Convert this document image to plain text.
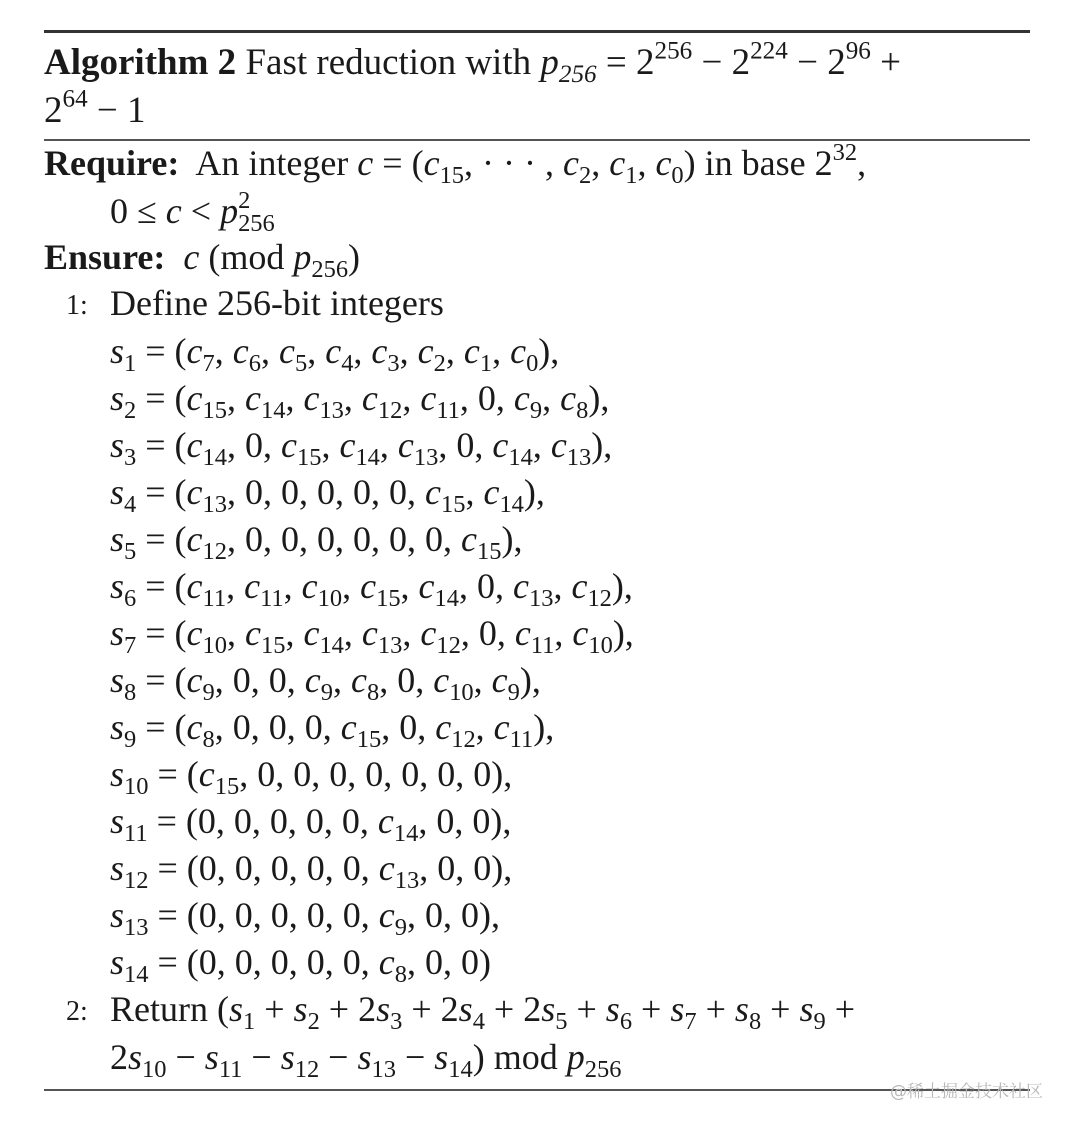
Algorithm 2 Fast reduction with $p_{256} = 2^{256} - 2^{224} - 2^{96}$ +
$2^{64} - 1$
Require: An integer $c = (c_{15}$, · · · , $c_2$, $c_1$, $c_0$) in base $2^{32}$,
$0 \le c < p^2_{256}$
Ensure: c (mod $p_{256}$)
1: Define 256-bit integers
$s_1 = (c_7$, $c_6$, $c_5$, $c_4$, $c_3$, $c_2$, $c_1$, $c_0$),
$s_2 = (c_{15}$, $c_{14}$, $c_{13}$, $c_{12}$, $c_{11}$, 0, $c_9$, $c_8$),
$s_3 = (c_{14}$, 0, $c_{15}$, $c_{14}$, $c_{13}$, 0, $c_{14}$, $c_{13}$),
$s_4 = (c_{13}$, 0, 0, 0, 0, 0, $c_{15}$, $c_{14}$),
$s_5 = (c_{12}$, 0, 0, 0, 0, 0, 0, $c_{15}$),
$s_6 = (c_{11}$, $c_{11}$, $c_{10}$, $c_{15}$, $c_{14}$, 0, $c_{13}$, $c_{12}$),
$s_7 = (c_{10}$, $c_{15}$, $c_{14}$, $c_{13}$, $c_{12}$, 0, $c_{11}$, $c_{10}$),
$s_8 = (c_9$, 0, 0, $c_9$, $c_8$, 0, $c_{10}$, $c_9$),
$s_9 = (c_8$, 0, 0, 0, $c_{15}$, 0, $c_{12}$, $c_{11}$),
$s_{10} = (c_{15}$, 0, 0, 0, 0, 0, 0, 0),
$s_{11} = (0$, 0, 0, 0, 0, $c_{14}$, 0, 0),
$s_{12} = (0$, 0, 0, 0, 0, $c_{13}$, 0, 0),
$s_{13} = (0$, 0, 0, 0, 0, $c_9$, 0, 0),
$s_{14} = (0$, 0, 0, 0, 0, $c_8$, 0, 0)
2: Return ($s_1 + s_2 + 2s_3 + 2s_4 + 2s_5 + s_6 + s_7 + s_8 + s_9$ +
$2s_{10} - s_{11} - s_{12} - s_{13} - s_{14}$) mod $p_{256}$
@稀土掘金技术社区
